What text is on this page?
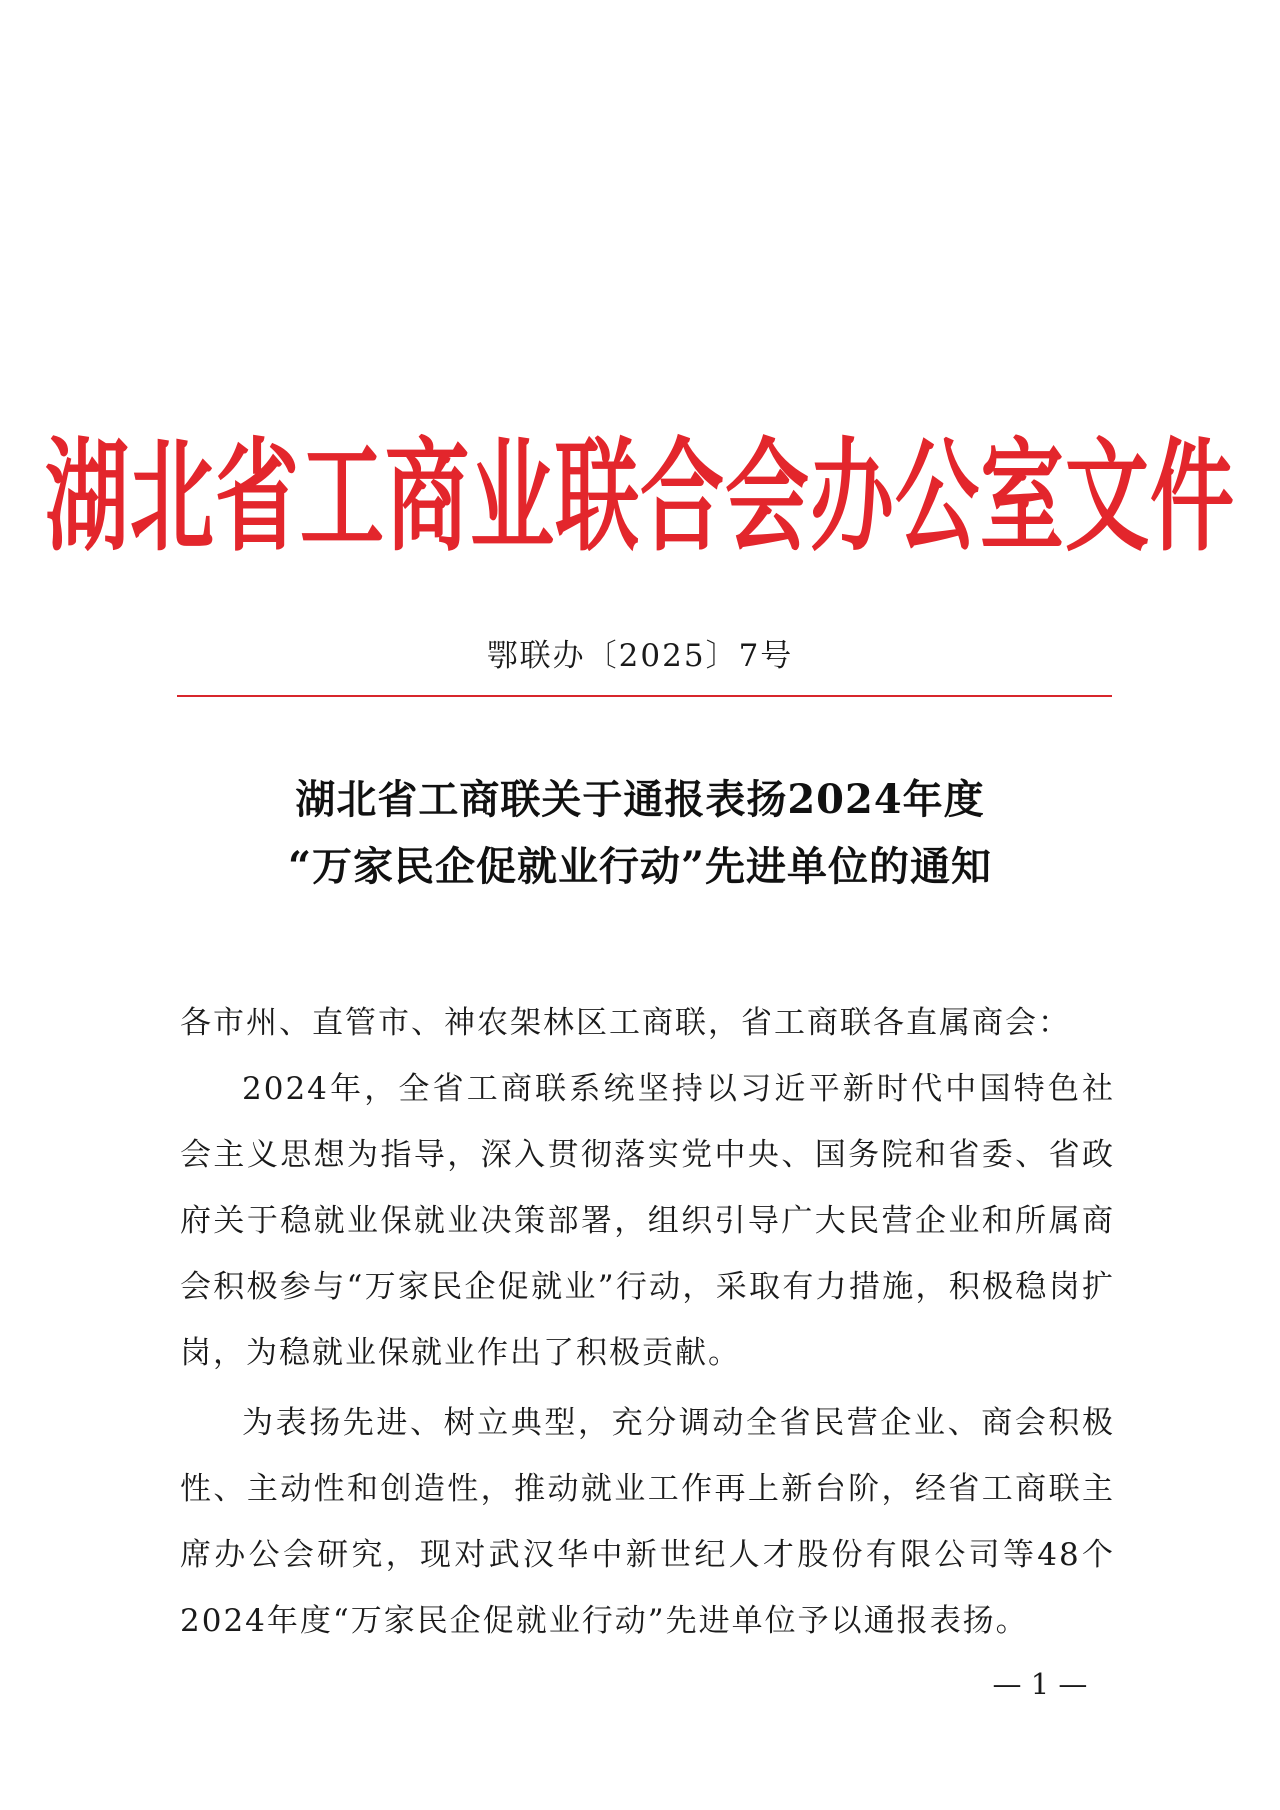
湖北省工商业联合会办公室文件
鄂联办〔2025〕7号
湖北省工商联关于通报表扬2024年度
“万家民企促就业行动”先进单位的通知

各市州、直管市、神农架林区工商联，省工商联各直属商会：

2024年，全省工商联系统坚持以习近平新时代中国特色社会主义思想为指导，深入贯彻落实党中央、国务院和省委、省政府关于稳就业保就业决策部署，组织引导广大民营企业和所属商会积极参与“万家民企促就业”行动，采取有力措施，积极稳岗扩岗，为稳就业保就业作出了积极贡献。

为表扬先进、树立典型，充分调动全省民营企业、商会积极性、主动性和创造性，推动就业工作再上新台阶，经省工商联主席办公会研究，现对武汉华中新世纪人才股份有限公司等48个2024年度“万家民企促就业行动”先进单位予以通报表扬。

— 1 —
